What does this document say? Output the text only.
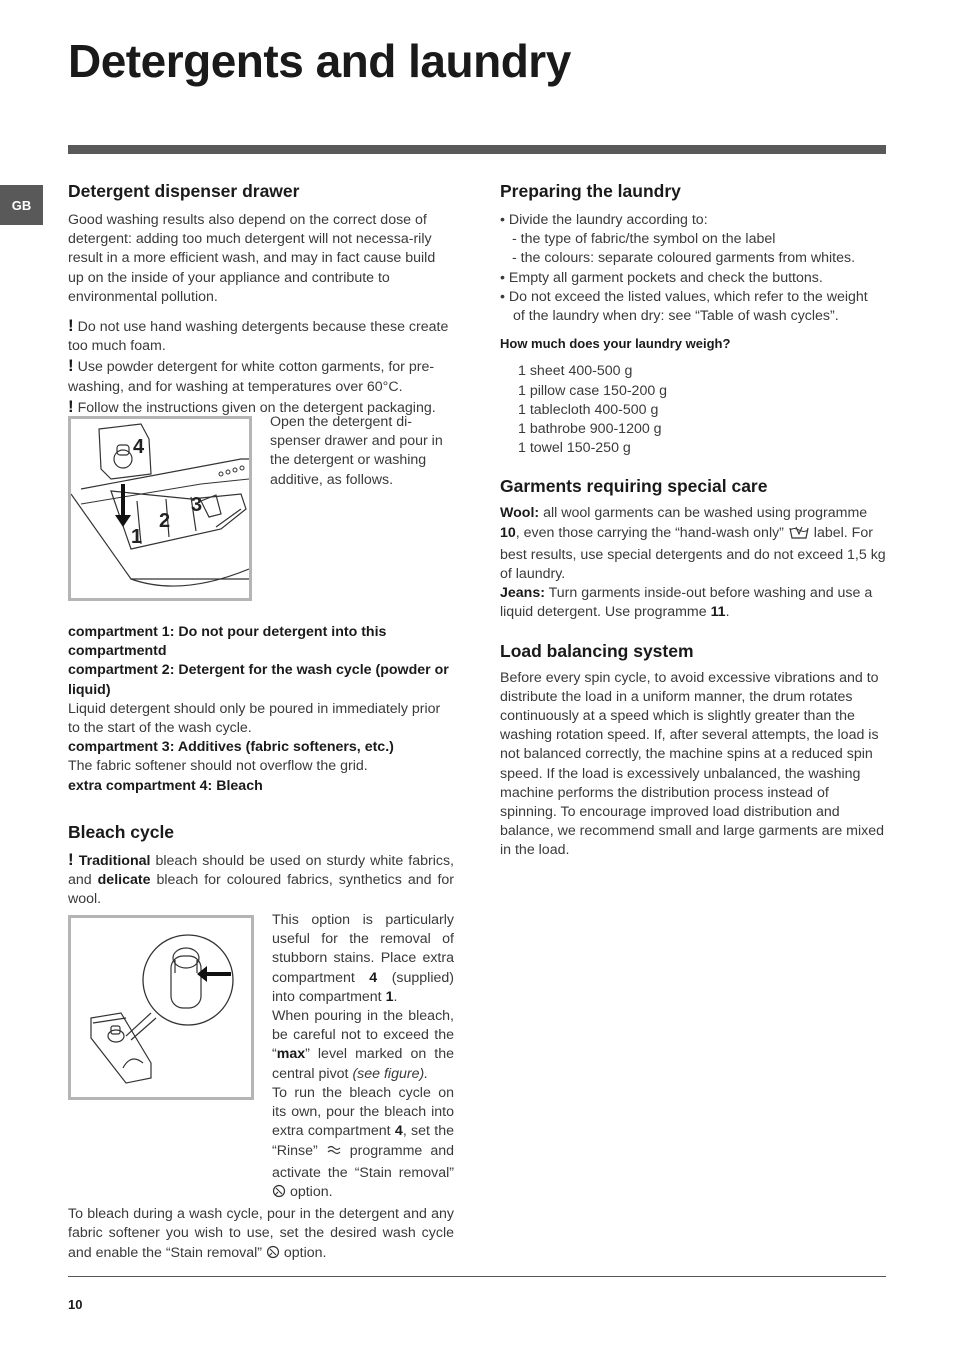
Detergents and laundry
GB
Detergent dispenser drawer

Good washing results also depend on the correct dose of detergent: adding too much detergent will not necessa-rily result in a more efficient wash, and may in fact cause build up on the inside of your appliance and contribute to environmental pollution.

! Do not use hand washing detergents because these create too much foam.

! Use powder detergent for white cotton garments, for pre-washing, and for washing at temperatures over 60°C.

! Follow the instructions given on the detergent packaging.

4
3
2
1

Open the detergent di-spenser drawer and pour in the detergent or washing additive, as follows.

compartment 1: Do not pour detergent into this compartmentd

compartment 2: Detergent for the wash cycle (powder or liquid)

Liquid detergent should only be poured in immediately prior to the start of the wash cycle.

compartment 3: Additives (fabric softeners, etc.)

The fabric softener should not overflow the grid.

extra compartment 4: Bleach

Bleach cycle

! Traditional bleach should be used on sturdy white fabrics, and delicate bleach for coloured fabrics, synthetics and for wool.

This option is particularly useful for the removal of stubborn stains. Place extra compartment 4 (supplied) into compartment 1.

When pouring in the bleach, be careful not to exceed the “max” level marked on the central pivot (see figure).

To run the bleach cycle on its own, pour the bleach into extra compartment 4, set the “Rinse”  programme and activate the “Stain removal”  option.

To bleach during a wash cycle, pour in the detergent and any fabric softener you wish to use, set the desired wash cycle and enable the “Stain removal”  option.

Preparing the laundry

• Divide the laundry according to:

- the type of fabric/the symbol on the label

- the colours: separate coloured garments from whites.

• Empty all garment pockets and check the buttons.

• Do not exceed the listed values, which refer to the weight

of the laundry when dry: see “Table of wash cycles”.

How much does your laundry weigh?

1 sheet 400-500 g

1 pillow case 150-200 g

1 tablecloth 400-500 g

1 bathrobe 900-1200 g

1 towel 150-250 g

Garments requiring special care

Wool: all wool garments can be washed using programme 10, even those carrying the “hand-wash only”  label. For best results, use special detergents and do not exceed 1,5 kg of laundry.

Jeans: Turn garments inside-out before washing and use a liquid detergent. Use programme 11.

Load balancing system

Before every spin cycle, to avoid excessive vibrations and to distribute the load in a uniform manner, the drum rotates continuously at a speed which is slightly greater than the washing rotation speed. If, after several attempts, the load is not balanced correctly, the machine spins at a reduced spin speed. If the load is excessively unbalanced, the washing machine performs the distribution process instead of spinning. To encourage improved load distribution and balance, we recommend small and large garments are mixed in the load.

10
